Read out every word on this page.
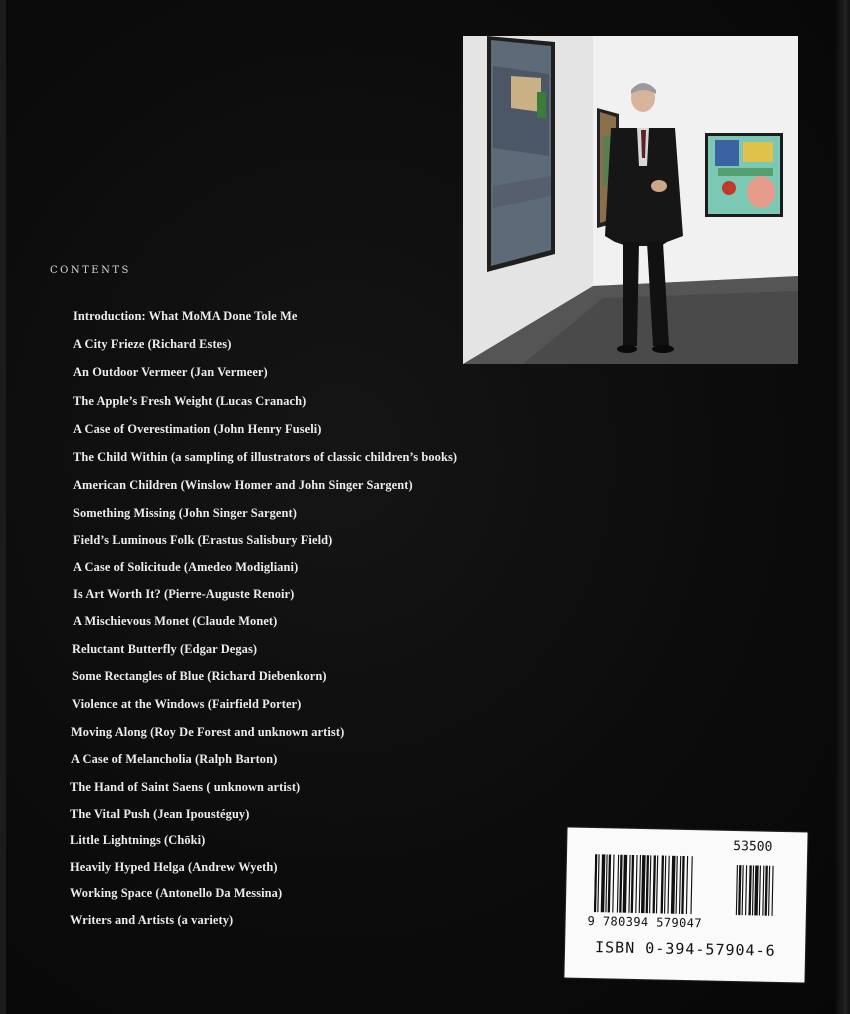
CONTENTS
Introduction: What MoMA Done Tole Me
A City Frieze (Richard Estes)
An Outdoor Vermeer (Jan Vermeer)
The Apple’s Fresh Weight (Lucas Cranach)
A Case of Overestimation (John Henry Fuseli)
The Child Within (a sampling of illustrators of classic children’s books)
American Children (Winslow Homer and John Singer Sargent)
Something Missing (John Singer Sargent)
Field’s Luminous Folk (Erastus Salisbury Field)
A Case of Solicitude (Amedeo Modigliani)
Is Art Worth It? (Pierre-Auguste Renoir)
A Mischievous Monet (Claude Monet)
Reluctant Butterfly (Edgar Degas)
Some Rectangles of Blue (Richard Diebenkorn)
Violence at the Windows (Fairfield Porter)
Moving Along (Roy De Forest and unknown artist)
A Case of Melancholia (Ralph Barton)
The Hand of Saint Saens ( unknown artist)
The Vital Push (Jean Ipoustéguy)
Little Lightnings (Chōki)
Heavily Hyped Helga (Andrew Wyeth)
Working Space (Antonello Da Messina)
Writers and Artists (a variety)
53500
9 780394 579047
ISBN 0-394-57904-6
